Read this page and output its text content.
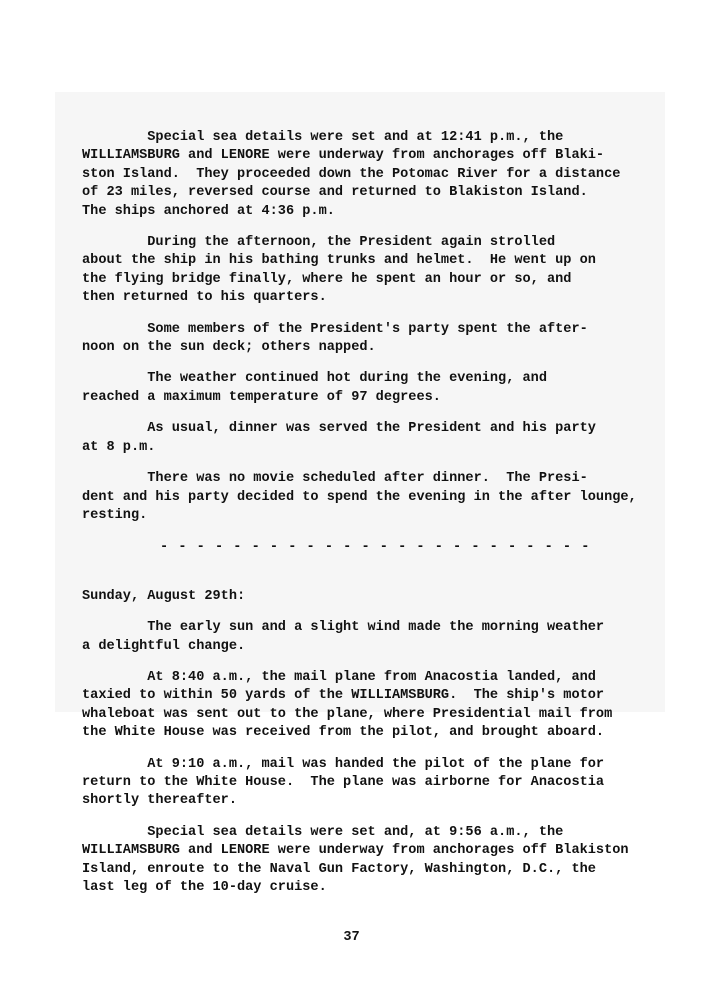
Special sea details were set and at 12:41 p.m., the
WILLIAMSBURG and LENORE were underway from anchorages off Blaki-
ston Island.  They proceeded down the Potomac River for a distance
of 23 miles, reversed course and returned to Blakiston Island.
The ships anchored at 4:36 p.m.

During the afternoon, the President again strolled
about the ship in his bathing trunks and helmet.  He went up on
the flying bridge finally, where he spent an hour or so, and
then returned to his quarters.

Some members of the President's party spent the after-
noon on the sun deck; others napped.

The weather continued hot during the evening, and
reached a maximum temperature of 97 degrees.

As usual, dinner was served the President and his party
at 8 p.m.

There was no movie scheduled after dinner.  The Presi-
dent and his party decided to spend the evening in the after lounge,
resting.

- - - - - - - - - - - - - - - - - - - - - - - -

Sunday, August 29th:

The early sun and a slight wind made the morning weather
a delightful change.

At 8:40 a.m., the mail plane from Anacostia landed, and
taxied to within 50 yards of the WILLIAMSBURG.  The ship's motor
whaleboat was sent out to the plane, where Presidential mail from
the White House was received from the pilot, and brought aboard.

At 9:10 a.m., mail was handed the pilot of the plane for
return to the White House.  The plane was airborne for Anacostia
shortly thereafter.

Special sea details were set and, at 9:56 a.m., the
WILLIAMSBURG and LENORE were underway from anchorages off Blakiston
Island, enroute to the Naval Gun Factory, Washington, D.C., the
last leg of the 10-day cruise.

37
